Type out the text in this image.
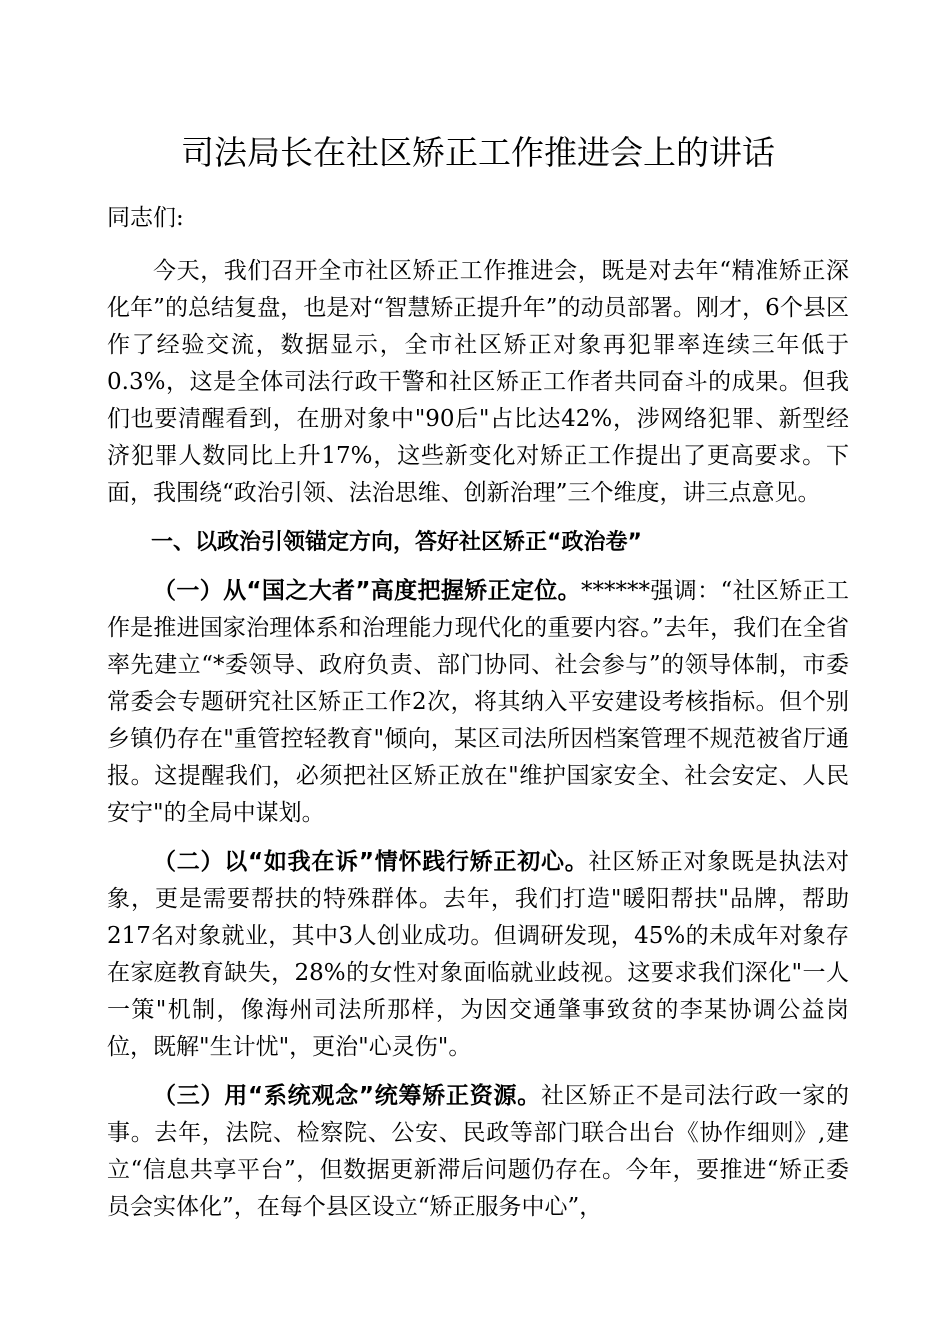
司法局长在社区矫正工作推进会上的讲话

同志们:

今天，我们召开全市社区矫正工作推进会，既是对去年“精准矫正深化年”的总结复盘，也是对“智慧矫正提升年”的动员部署。刚才，6个县区作了经验交流，数据显示，全市社区矫正对象再犯罪率连续三年低于0.3%，这是全体司法行政干警和社区矫正工作者共同奋斗的成果。但我们也要清醒看到，在册对象中"90后"占比达42%，涉网络犯罪、新型经济犯罪人数同比上升17%，这些新变化对矫正工作提出了更高要求。下面，我围绕“政治引领、法治思维、创新治理”三个维度，讲三点意见。

一、以政治引领锚定方向，答好社区矫正“政治卷”

（一）从“国之大者”高度把握矫正定位。******强调：“社区矫正工作是推进国家治理体系和治理能力现代化的重要内容。”去年，我们在全省率先建立“*委领导、政府负责、部门协同、社会参与”的领导体制，市委常委会专题研究社区矫正工作2次，将其纳入平安建设考核指标。但个别乡镇仍存在"重管控轻教育"倾向，某区司法所因档案管理不规范被省厅通报。这提醒我们，必须把社区矫正放在"维护国家安全、社会安定、人民安宁"的全局中谋划。

（二）以“如我在诉”情怀践行矫正初心。社区矫正对象既是执法对象，更是需要帮扶的特殊群体。去年，我们打造"暖阳帮扶"品牌，帮助217名对象就业，其中3人创业成功。但调研发现，45%的未成年对象存在家庭教育缺失，28%的女性对象面临就业歧视。这要求我们深化"一人一策"机制，像海州司法所那样，为因交通肇事致贫的李某协调公益岗位，既解"生计忧"，更治"心灵伤"。

（三）用“系统观念”统筹矫正资源。社区矫正不是司法行政一家的事。去年，法院、检察院、公安、民政等部门联合出台《协作细则》,建立“信息共享平台”，但数据更新滞后问题仍存在。今年，要推进“矫正委员会实体化”，在每个县区设立“矫正服务中心”，
